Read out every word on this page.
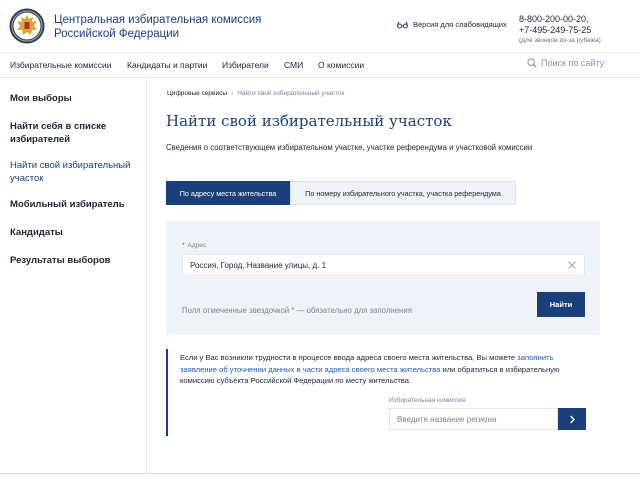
Центральная избирательная комиссия
Российской Федерации
Версия для слабовидящих
8-800-200-00-20,
+7-495-249-75-25
(для звонков из-за рубежа)
Избирательные комиссии Кандидаты и партии Избиратели СМИ О комиссии	Поиск по сайту
Мои выборы
Найти себя в списке избирателей
Найти свой избирательный участок
Мобильный избиратель
Кандидаты
Результаты выборов
Цифровые сервисы › Найти свой избирательный участок
Найти свой избирательный участок
Сведения о соответствующем избирательном участке, участке референдума и участковой комиссии
По адресу места жительства	По номеру избирательного участка, участка референдума
* Адрес
Россия, Город, Название улицы, д. 1
Поля отмеченные звездочкой * — обязательно для заполнения
Найти
Если у Вас возникли трудности в процессе ввода адреса своего места жительства, Вы можете заполнить заявление об уточнении данных в части адреса своего места жительства или обратиться в избирательную комиссию субъекта Российской Федерации по месту жительства.
Избирательная комиссия
Введите название региона
